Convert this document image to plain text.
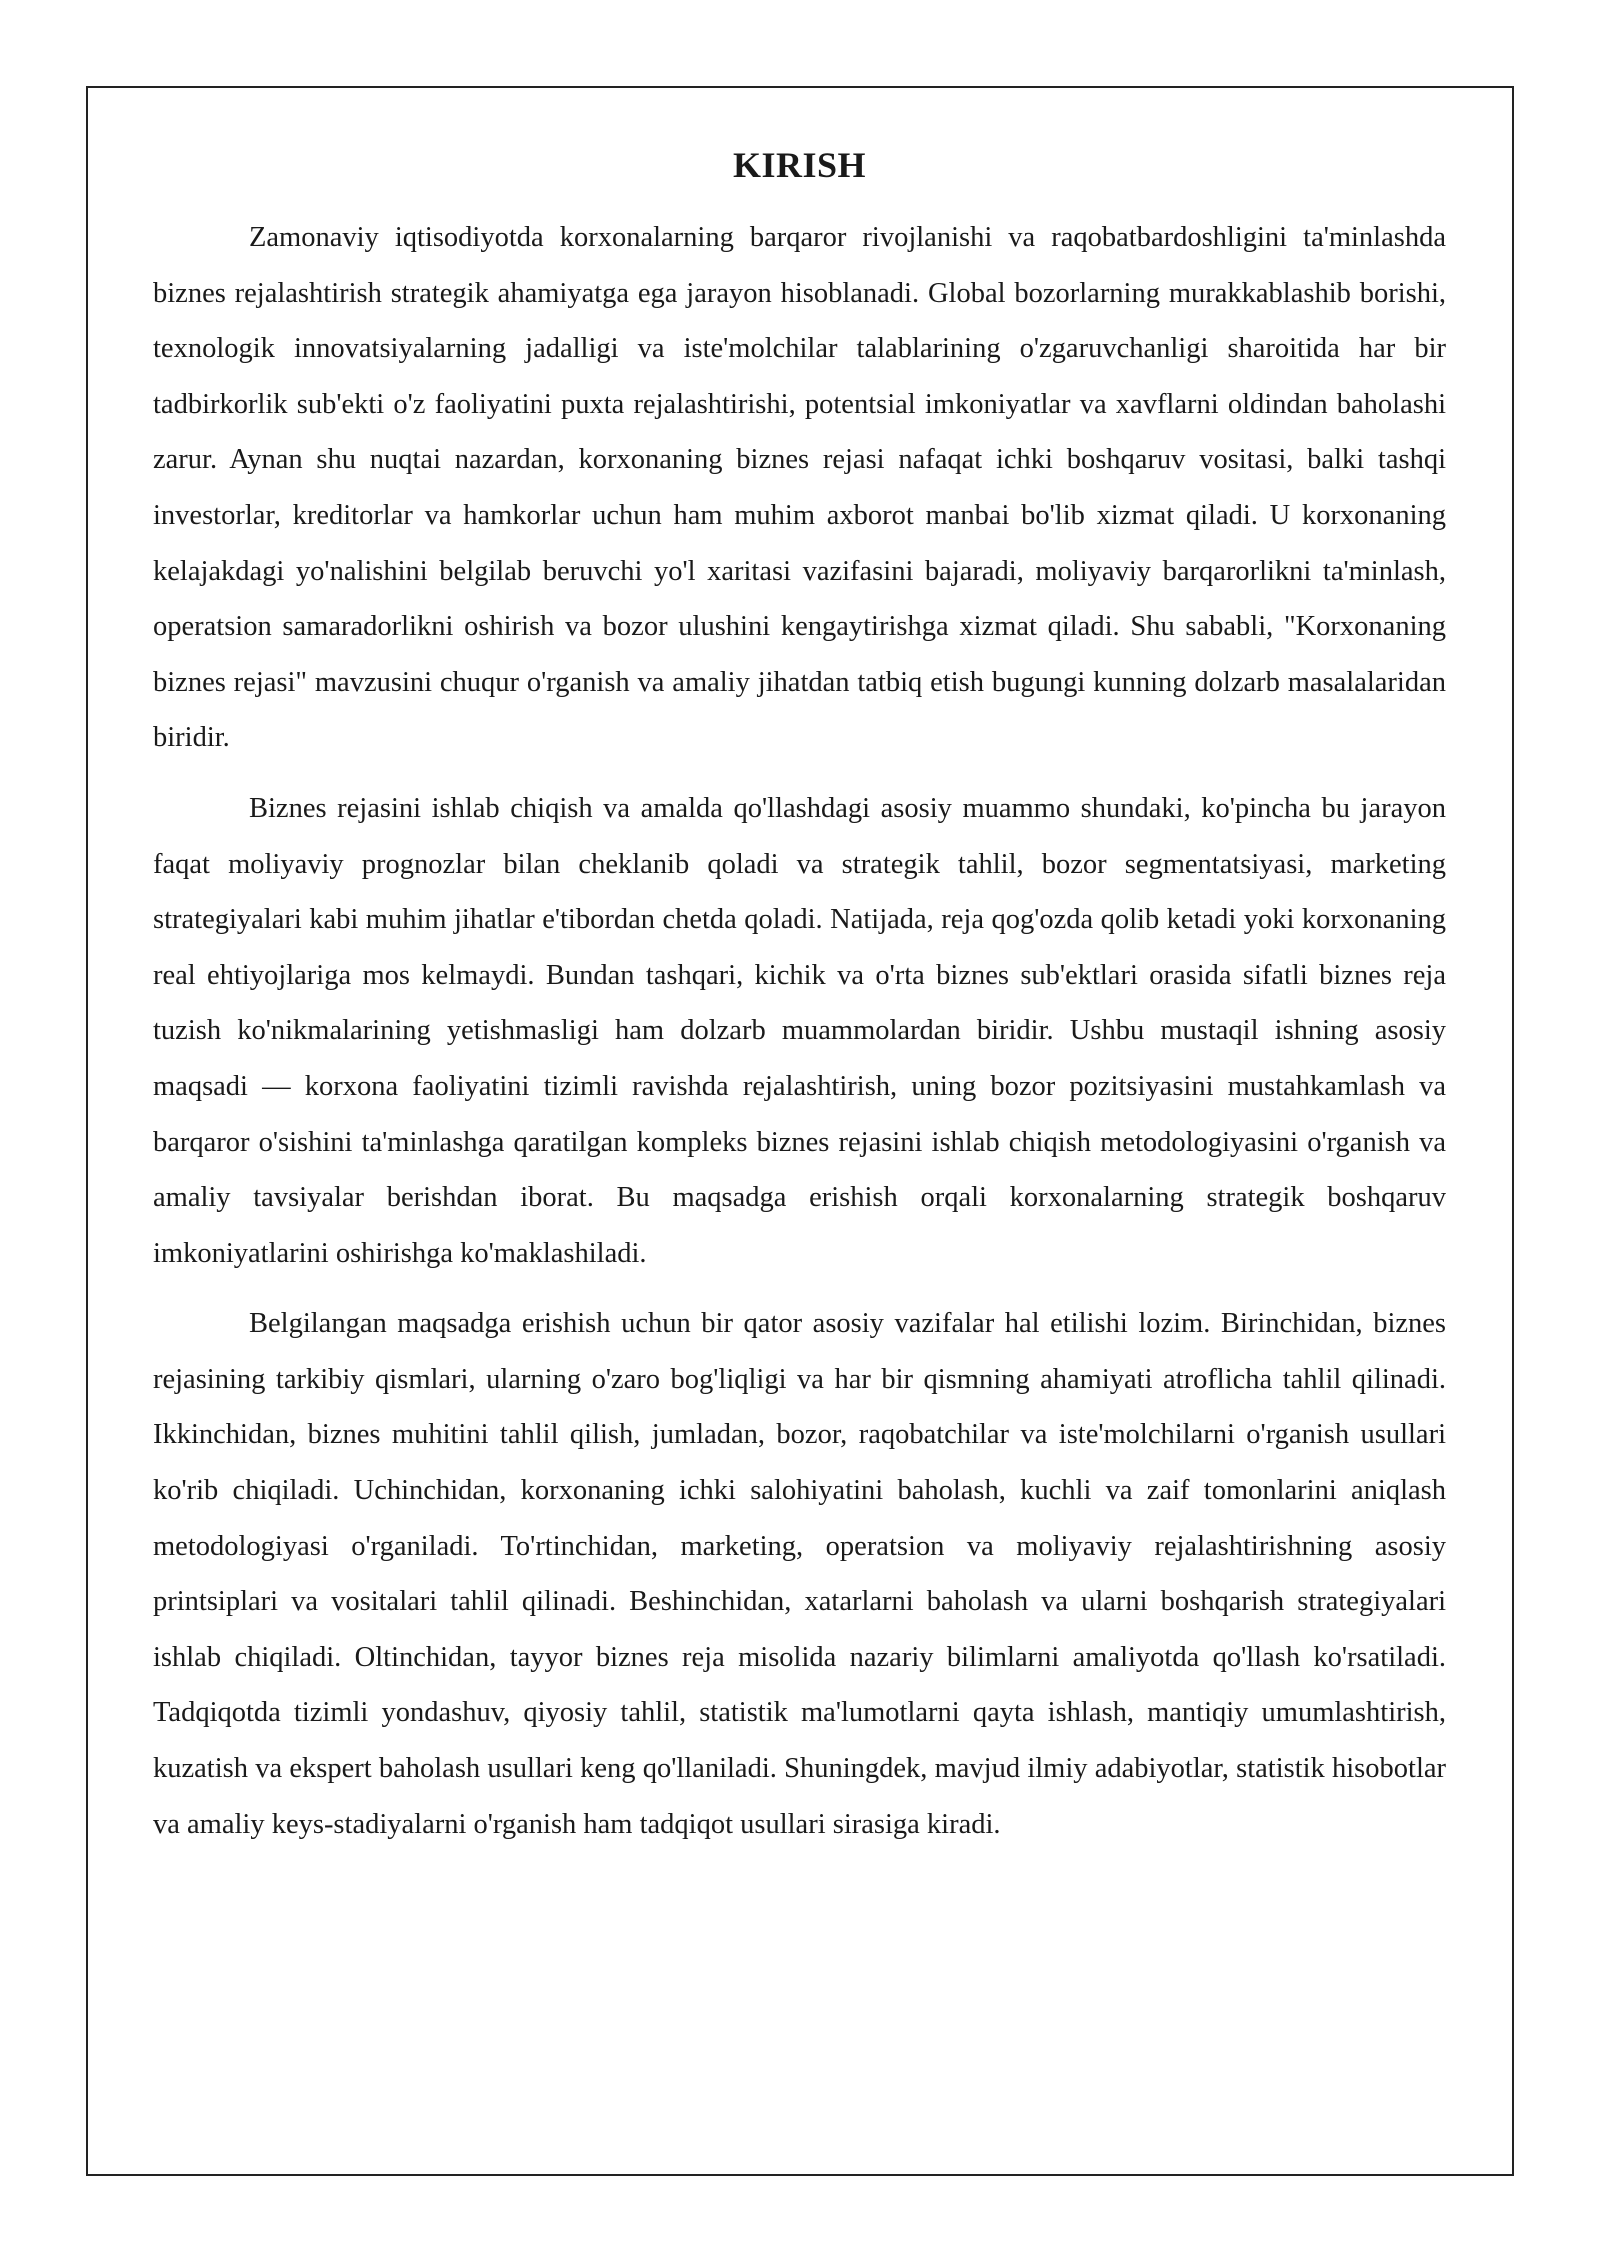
KIRISH

Zamonaviy iqtisodiyotda korxonalarning barqaror rivojlanishi va raqobatbardoshligini ta'minlashda biznes rejalashtirish strategik ahamiyatga ega jarayon hisoblanadi. Global bozorlarning murakkablashib borishi, texnologik innovatsiyalarning jadalligi va iste'molchilar talablarining o'zgaruvchanligi sharoitida har bir tadbirkorlik sub'ekti o'z faoliyatini puxta rejalashtirishi, potentsial imkoniyatlar va xavflarni oldindan baholashi zarur. Aynan shu nuqtai nazardan, korxonaning biznes rejasi nafaqat ichki boshqaruv vositasi, balki tashqi investorlar, kreditorlar va hamkorlar uchun ham muhim axborot manbai bo'lib xizmat qiladi. U korxonaning kelajakdagi yo'nalishini belgilab beruvchi yo'l xaritasi vazifasini bajaradi, moliyaviy barqarorlikni ta'minlash, operatsion samaradorlikni oshirish va bozor ulushini kengaytirishga xizmat qiladi. Shu sababli, "Korxonaning biznes rejasi" mavzusini chuqur o'rganish va amaliy jihatdan tatbiq etish bugungi kunning dolzarb masalalaridan biridir.

Biznes rejasini ishlab chiqish va amalda qo'llashdagi asosiy muammo shundaki, ko'pincha bu jarayon faqat moliyaviy prognozlar bilan cheklanib qoladi va strategik tahlil, bozor segmentatsiyasi, marketing strategiyalari kabi muhim jihatlar e'tibordan chetda qoladi. Natijada, reja qog'ozda qolib ketadi yoki korxonaning real ehtiyojlariga mos kelmaydi. Bundan tashqari, kichik va o'rta biznes sub'ektlari orasida sifatli biznes reja tuzish ko'nikmalarining yetishmasligi ham dolzarb muammolardan biridir. Ushbu mustaqil ishning asosiy maqsadi — korxona faoliyatini tizimli ravishda rejalashtirish, uning bozor pozitsiyasini mustahkamlash va barqaror o'sishini ta'minlashga qaratilgan kompleks biznes rejasini ishlab chiqish metodologiyasini o'rganish va amaliy tavsiyalar berishdan iborat. Bu maqsadga erishish orqali korxonalarning strategik boshqaruv imkoniyatlarini oshirishga ko'maklashiladi.

Belgilangan maqsadga erishish uchun bir qator asosiy vazifalar hal etilishi lozim. Birinchidan, biznes rejasining tarkibiy qismlari, ularning o'zaro bog'liqligi va har bir qismning ahamiyati atroflicha tahlil qilinadi. Ikkinchidan, biznes muhitini tahlil qilish, jumladan, bozor, raqobatchilar va iste'molchilarni o'rganish usullari ko'rib chiqiladi. Uchinchidan, korxonaning ichki salohiyatini baholash, kuchli va zaif tomonlarini aniqlash metodologiyasi o'rganiladi. To'rtinchidan, marketing, operatsion va moliyaviy rejalashtirishning asosiy printsiplari va vositalari tahlil qilinadi. Beshinchidan, xatarlarni baholash va ularni boshqarish strategiyalari ishlab chiqiladi. Oltinchidan, tayyor biznes reja misolida nazariy bilimlarni amaliyotda qo'llash ko'rsatiladi. Tadqiqotda tizimli yondashuv, qiyosiy tahlil, statistik ma'lumotlarni qayta ishlash, mantiqiy umumlashtirish, kuzatish va ekspert baholash usullari keng qo'llaniladi. Shuningdek, mavjud ilmiy adabiyotlar, statistik hisobotlar va amaliy keys-stadiyalarni o'rganish ham tadqiqot usullari sirasiga kiradi.
